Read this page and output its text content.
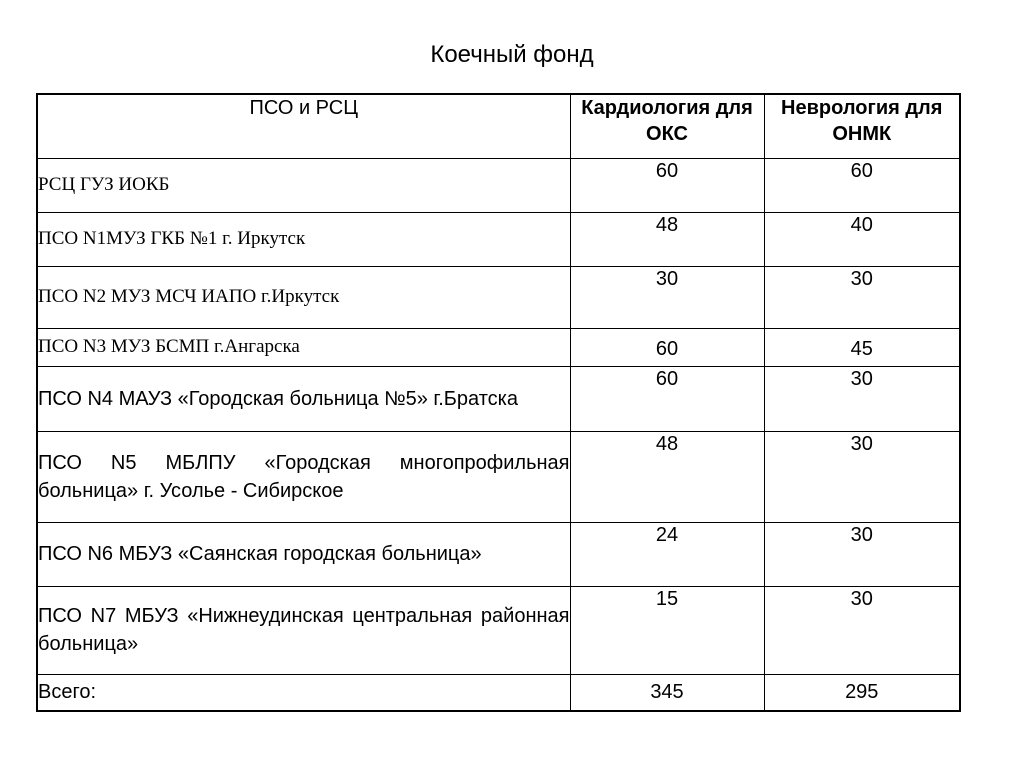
Коечный фонд
ПСО и РСЦ	Кардиология для ОКС	Неврология для ОНМК
РСЦ ГУЗ ИОКБ	60	60
ПСО N1МУЗ ГКБ №1 г. Иркутск	48	40
ПСО N2 МУЗ МСЧ ИАПО г.Иркутск	30	30
ПСО N3 МУЗ БСМП г.Ангарска	60	45
ПСО N4 МАУЗ «Городская больница №5» г.Братска	60	30
ПСО N5 МБЛПУ «Городская многопрофильная больница» г. Усолье - Сибирское	48	30
ПСО N6 МБУЗ «Саянская городская больница»	24	30
ПСО N7 МБУЗ «Нижнеудинская центральная районная больница»	15	30
Всего:	345	295
